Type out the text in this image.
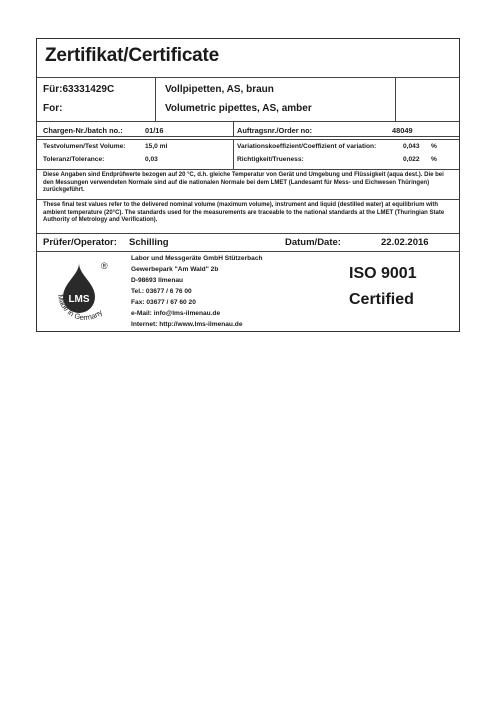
Zertifikat/Certificate
Für:63331429C	Vollpipetten, AS, braun
For:	Volumetric pipettes, AS, amber
Chargen-Nr./batch no.:	01/16	Auftragsnr./Order no:	48049
Testvolumen/Test Volume:	15,0 ml	Variationskoeffizient/Coeffizient of variation:	0,043 %
Toleranz/Tolerance:	0,03	Richtigkeit/Trueness:	0,022 %
Diese Angaben sind Endprüfwerte bezogen auf 20 °C, d.h. gleiche Temperatur von Gerät und Umgebung und Flüssigkeit (aqua dest.). Die bei den Messungen verwendeten Normale sind auf die nationalen Normale bei dem LMET (Landesamt für Mess- und Eichwesen Thüringen) zurückgeführt.
These final test values refer to the delivered nominal volume (maximum volume), instrument and liquid (destilled water) at equilibrium with ambient temperature (20°C). The standards used for the measurements are traceable to the national standards at the LMET (Thuringian State Authority of Metrology and Verification).
Prüfer/Operator: Schilling	Datum/Date:	22.02.2016
Labor und Messgeräte GmbH Stützerbach
Gewerbepark "Am Wald" 2b
D-98693 Ilmenau
Tel.: 03677 / 6 76 00
Fax: 03677 / 67 60 20
e-Mail: info@lms-ilmenau.de
Internet: http://www.lms-ilmenau.de
ISO 9001
Certified
LMS
®
Made in Germany
